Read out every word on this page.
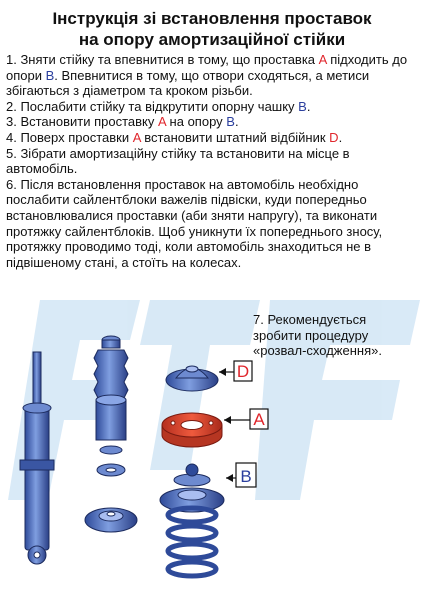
Інструкція зі встановлення проставок
на опору амортизаційної стійки

1. Зняти стійку та впевнитися в тому, що проставка A підходить до опори B. Впевнитися в тому, що отвори сходяться, а метиси збігаються з діаметром та кроком різьби.

2. Послабити стійку та відкрутити опорну чашку B.

3. Встановити проставку A на опору B.

4. Поверх проставки A встановити штатний відбійник D.

5. Зібрати амортизаційну стійку та встановити на місце в автомобіль.

6. Після встановлення проставок на автомобіль необхідно послабити сайлентблоки важелів підвіски, куди попередньо встановлювалися проставки (аби зняти напругу), та виконати протяжку сайлентблоків. Щоб уникнути їх попереднього зносу, протяжку проводимо тоді, коли автомобіль знаходиться не в підвішеному стані, а стоїть на колесах.

7. Рекомендується зробити процедуру «розвал-сходження».
D
A
B
